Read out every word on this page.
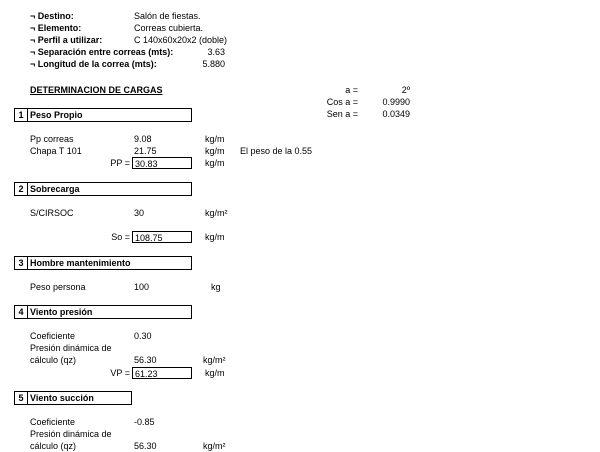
¬ Destino:	Salón de fiestas.
¬ Elemento:	Correas cubierta.
¬ Perfil a utilizar:	C 140x60x20x2 (doble)
¬ Separación entre correas (mts):	3.63
¬ Longitud de la correa (mts):	5.880
DETERMINACION DE CARGAS	a =	2º
Cos a =	0.9990
Sen a =	0.0349
1 Peso Propio
Pp correas	9.08	kg/m
Chapa T 101	21.75	kg/m El peso de la 0.55
PP = 30.83	kg/m
2 Sobrecarga
S/CIRSOC	30	kg/m²
So = 108.75	kg/m
3 Hombre mantenimiento
Peso persona	100	kg
4 Viento presión
Coeficiente	0.30
Presión dinámica de
cálculo (qz)	56.30	kg/m²
VP = 61.23	kg/m
5 Viento succión
Coeficiente	-0.85
Presión dinámica de
cálculo (qz)	56.30	kg/m²
